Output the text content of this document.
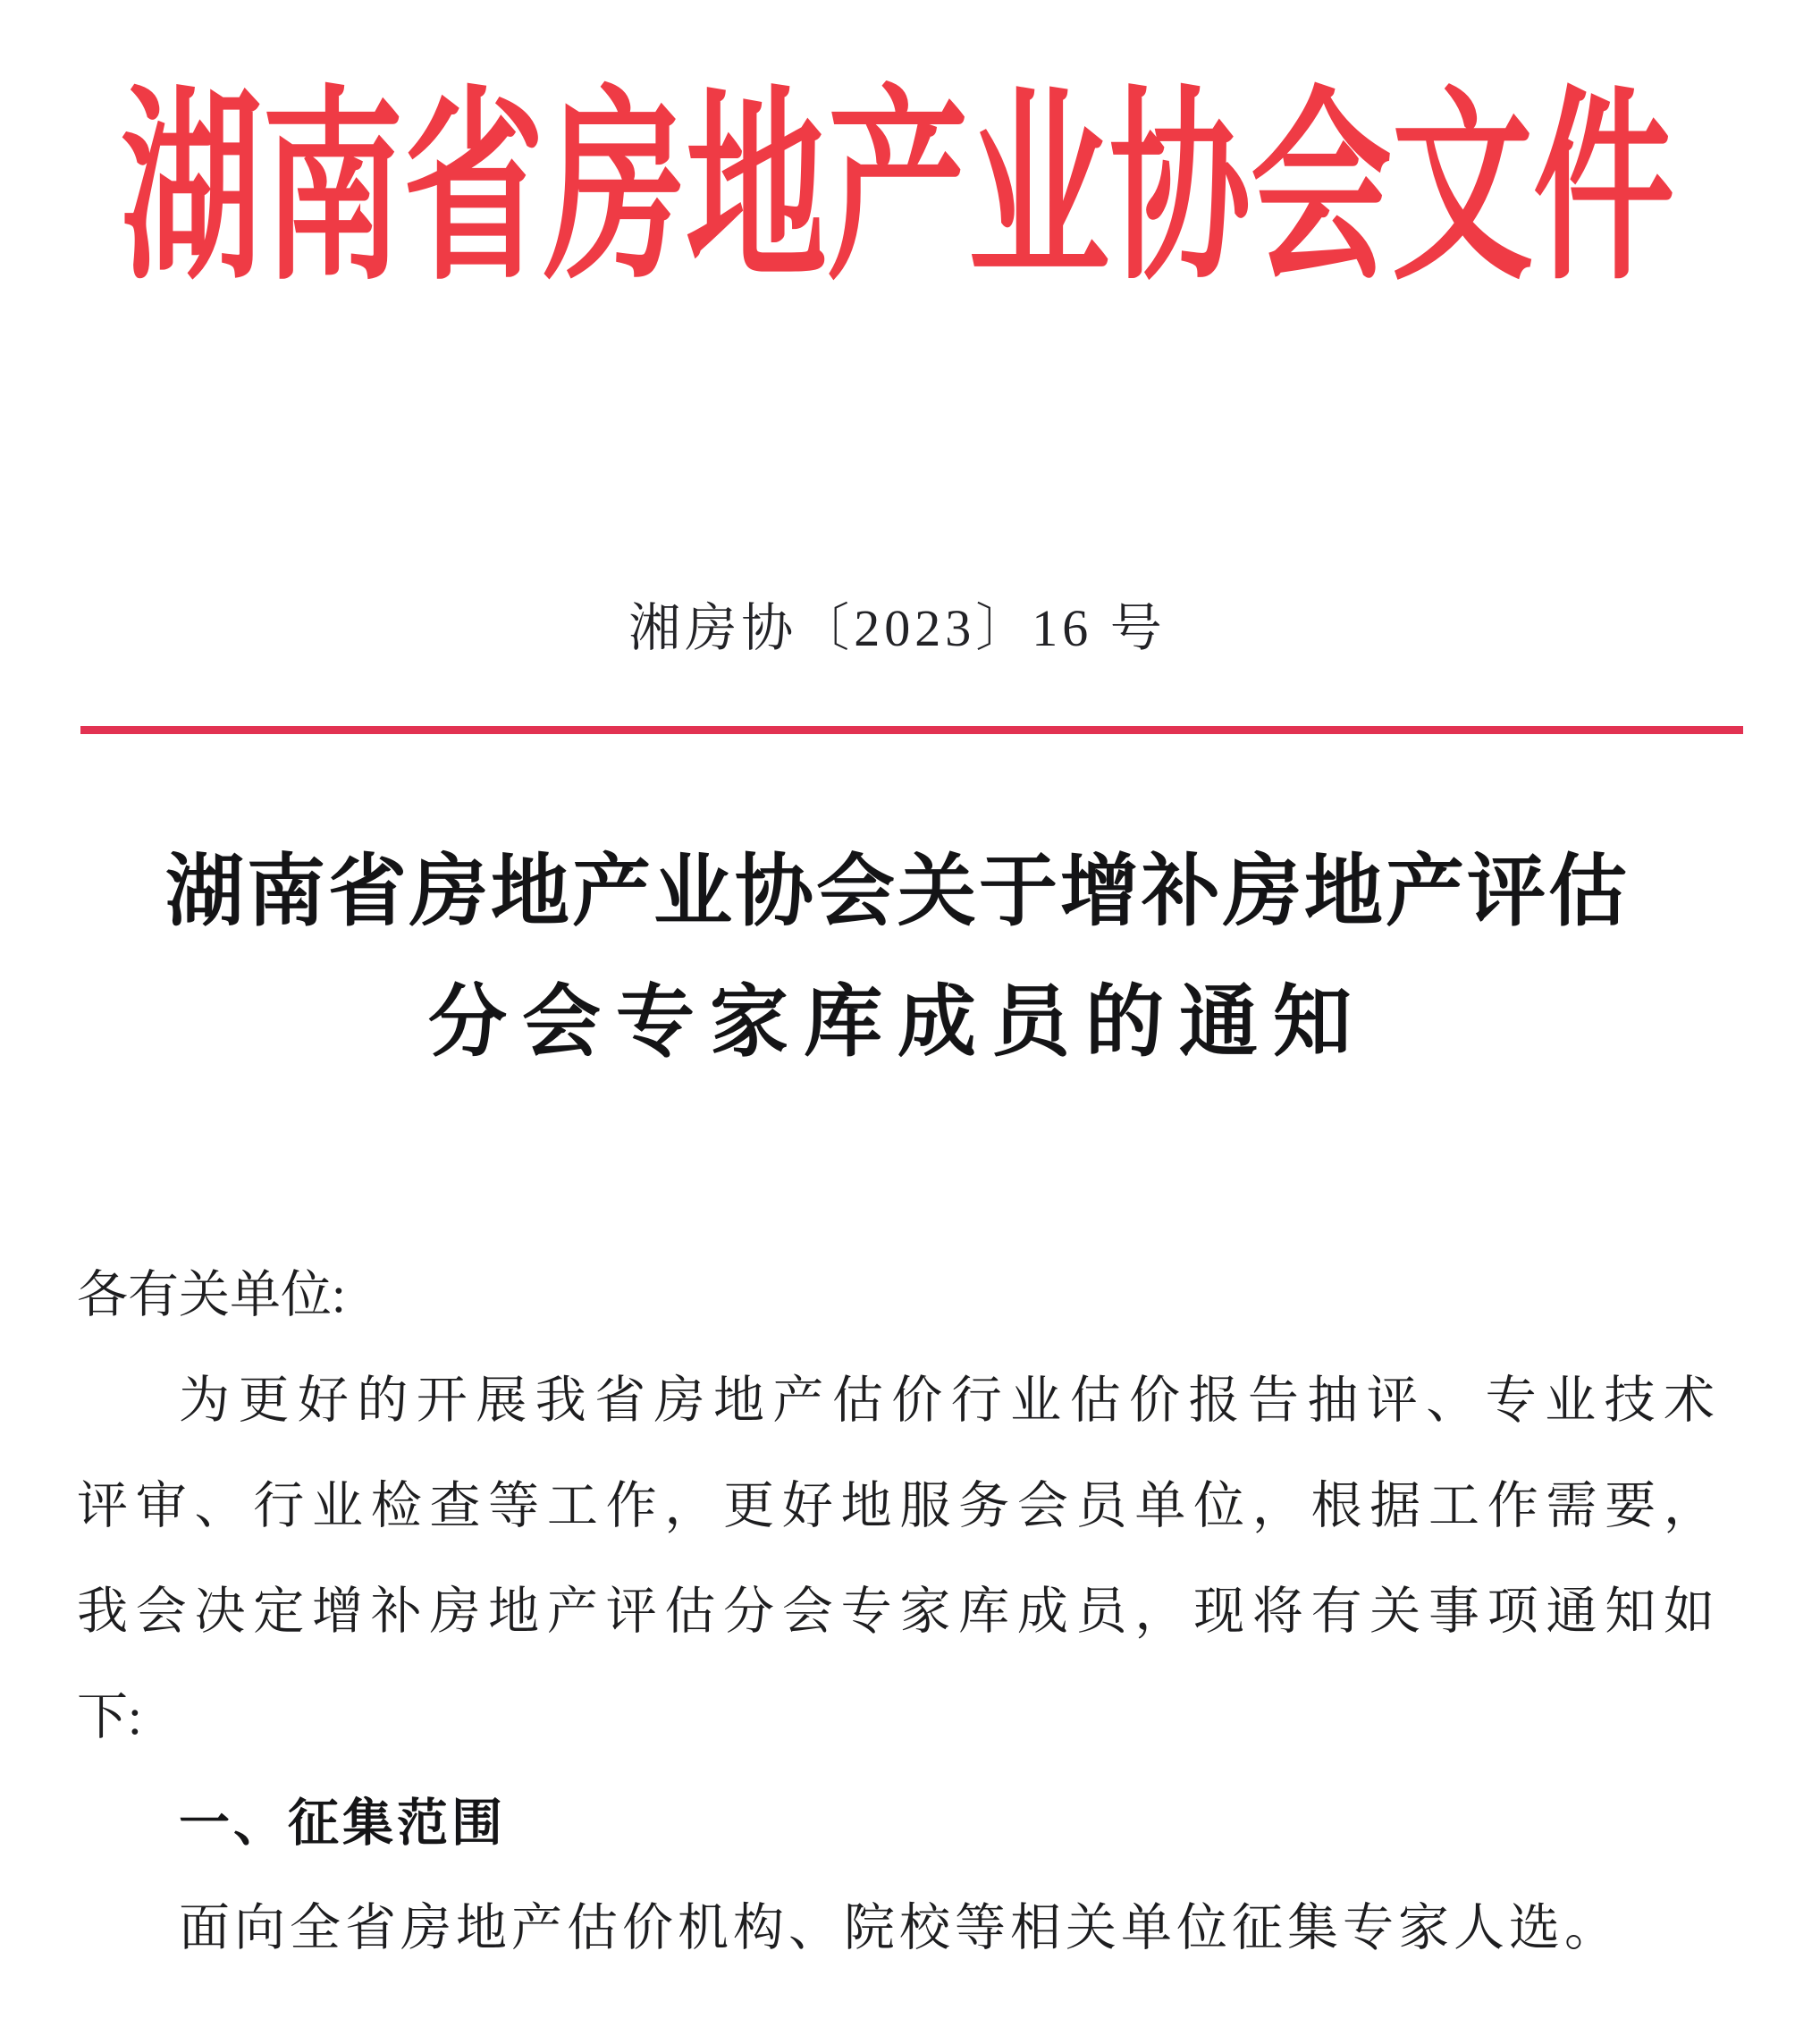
湖南省房地产业协会文件
湘房协〔2023〕16 号
湖南省房地产业协会关于增补房地产评估
分会专家库成员的通知
各有关单位:
为更好的开展我省房地产估价行业估价报告抽评、专业技术
评审、行业检查等工作，更好地服务会员单位，根据工作需要，
我会决定增补房地产评估分会专家库成员，现将有关事项通知如
下:
一、征集范围
面向全省房地产估价机构、院校等相关单位征集专家人选。
